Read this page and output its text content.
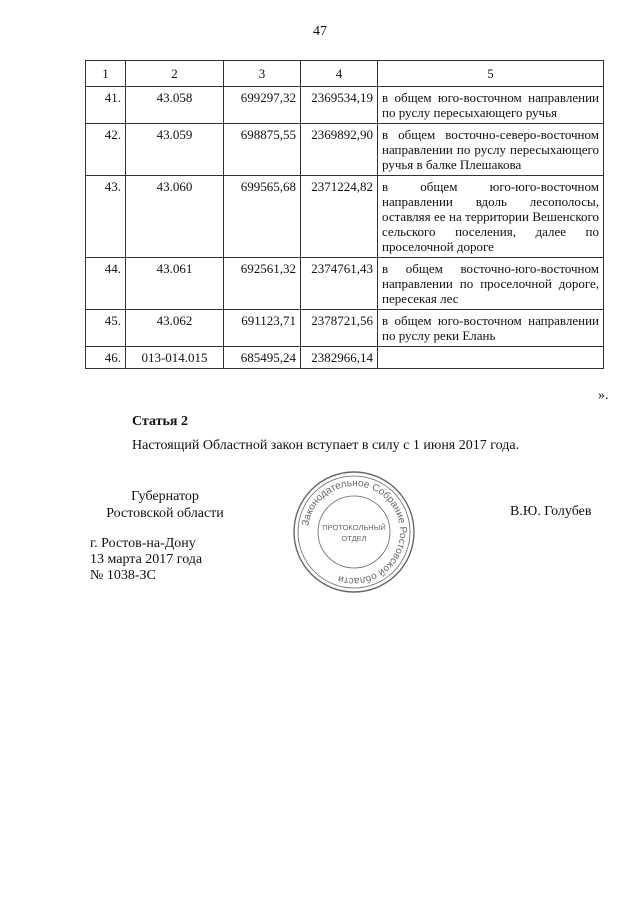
47
1	2	3	4	5
41.	43.058	699297,32	2369534,19	в общем юго-восточном направлении по руслу пересыхающего ручья
42.	43.059	698875,55	2369892,90	в общем восточно-северо-восточном направлении по руслу пересыхающего ручья в балке Плешакова
43.	43.060	699565,68	2371224,82	в общем юго-юго-восточном направлении вдоль лесополосы, оставляя ее на территории Вешенского сельского поселения, далее по проселочной дороге
44.	43.061	692561,32	2374761,43	в общем восточно-юго-восточном направлении по проселочной дороге, пересекая лес
45.	43.062	691123,71	2378721,56	в общем юго-восточном направлении по руслу реки Елань
46.	013-014.015	685495,24	2382966,14	
».
Статья 2
Настоящий Областной закон вступает в силу с 1 июня 2017 года.
Губернатор
Ростовской области	В.Ю. Голубев
г. Ростов-на-Дону
13 марта 2017 года
№ 1038-ЗС
Законодательное Собрание Ростовской области
ПРОТОКОЛЬНЫЙ
ОТДЕЛ
